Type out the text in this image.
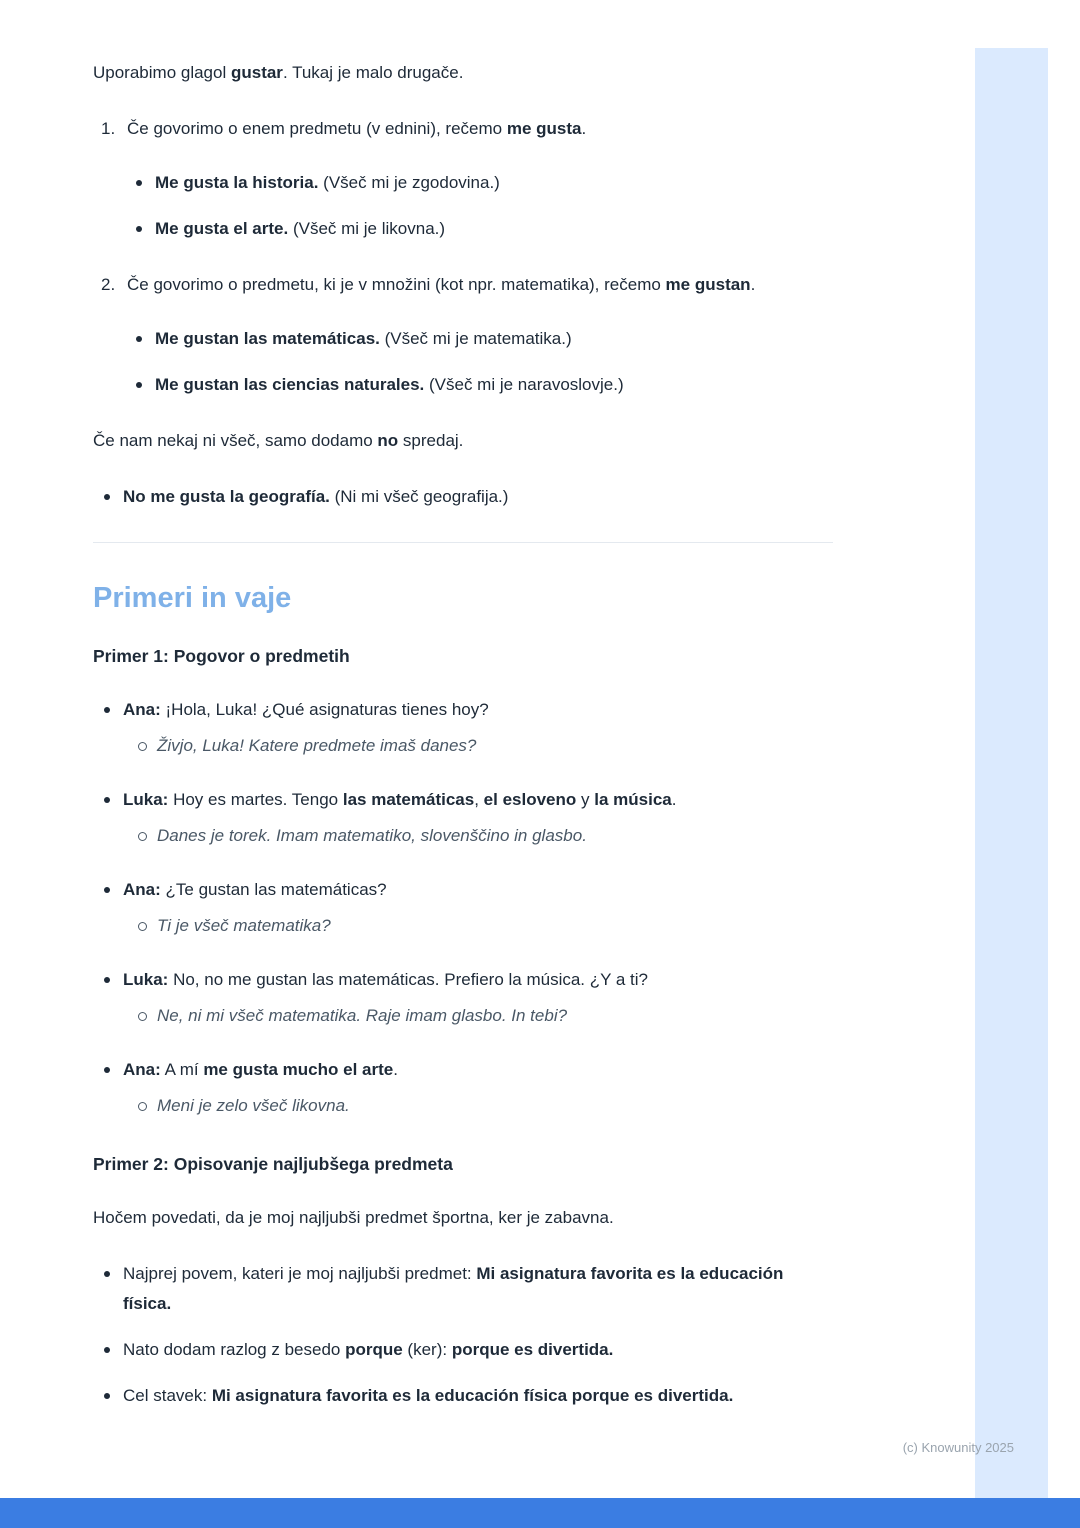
(c) Knowunity 2025

Uporabimo glagol gustar. Tukaj je malo drugače.

1. Če govorimo o enem predmetu (v ednini), rečemo me gusta.
Me gusta la historia. (Všeč mi je zgodovina.)
Me gusta el arte. (Všeč mi je likovna.)
2. Če govorimo o predmetu, ki je v množini (kot npr. matematika), rečemo me gustan.
Me gustan las matemáticas. (Všeč mi je matematika.)
Me gustan las ciencias naturales. (Všeč mi je naravoslovje.)

Če nam nekaj ni všeč, samo dodamo no spredaj.

No me gusta la geografía. (Ni mi všeč geografija.)
Primeri in vaje
Primer 1: Pogovor o predmetih
Ana: ¡Hola, Luka! ¿Qué asignaturas tienes hoy?
Živjo, Luka! Katere predmete imaš danes?
Luka: Hoy es martes. Tengo las matemáticas, el esloveno y la música.
Danes je torek. Imam matematiko, slovenščino in glasbo.
Ana: ¿Te gustan las matemáticas?
Ti je všeč matematika?
Luka: No, no me gustan las matemáticas. Prefiero la música. ¿Y a ti?
Ne, ni mi všeč matematika. Raje imam glasbo. In tebi?
Ana: A mí me gusta mucho el arte.
Meni je zelo všeč likovna.
Primer 2: Opisovanje najljubšega predmeta

Hočem povedati, da je moj najljubši predmet športna, ker je zabavna.

Najprej povem, kateri je moj najljubši predmet: Mi asignatura favorita es la educación física.
Nato dodam razlog z besedo porque (ker): porque es divertida.
Cel stavek: Mi asignatura favorita es la educación física porque es divertida.
